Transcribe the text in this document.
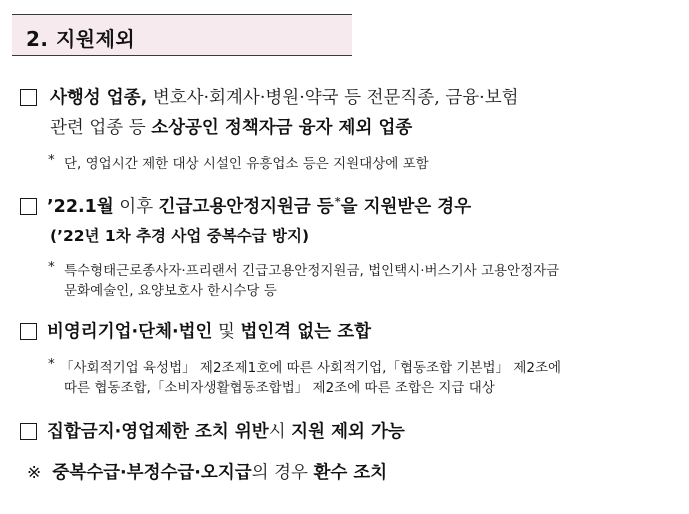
2. 지원제외
사행성 업종, 변호사·회계사·병원·약국 등 전문직종, 금융·보험
관련 업종 등 소상공인 정책자금 융자 제외 업종
* 단, 영업시간 제한 대상 시설인 유흥업소 등은 지원대상에 포함
’22.1월 이후 긴급고용안정지원금 등*을 지원받은 경우
(’22년 1차 추경 사업 중복수급 방지)
* 특수형태근로종사자·프리랜서 긴급고용안정지원금, 법인택시·버스기사 고용안정자금
문화예술인, 요양보호사 한시수당 등
비영리기업·단체·법인 및 법인격 없는 조합
* 「사회적기업 육성법」 제2조제1호에 따른 사회적기업,「협동조합 기본법」 제2조에
따른 협동조합,「소비자생활협동조합법」 제2조에 따른 조합은 지급 대상
집합금지·영업제한 조치 위반시 지원 제외 가능
※ 중복수급·부정수급·오지급의 경우 환수 조치
